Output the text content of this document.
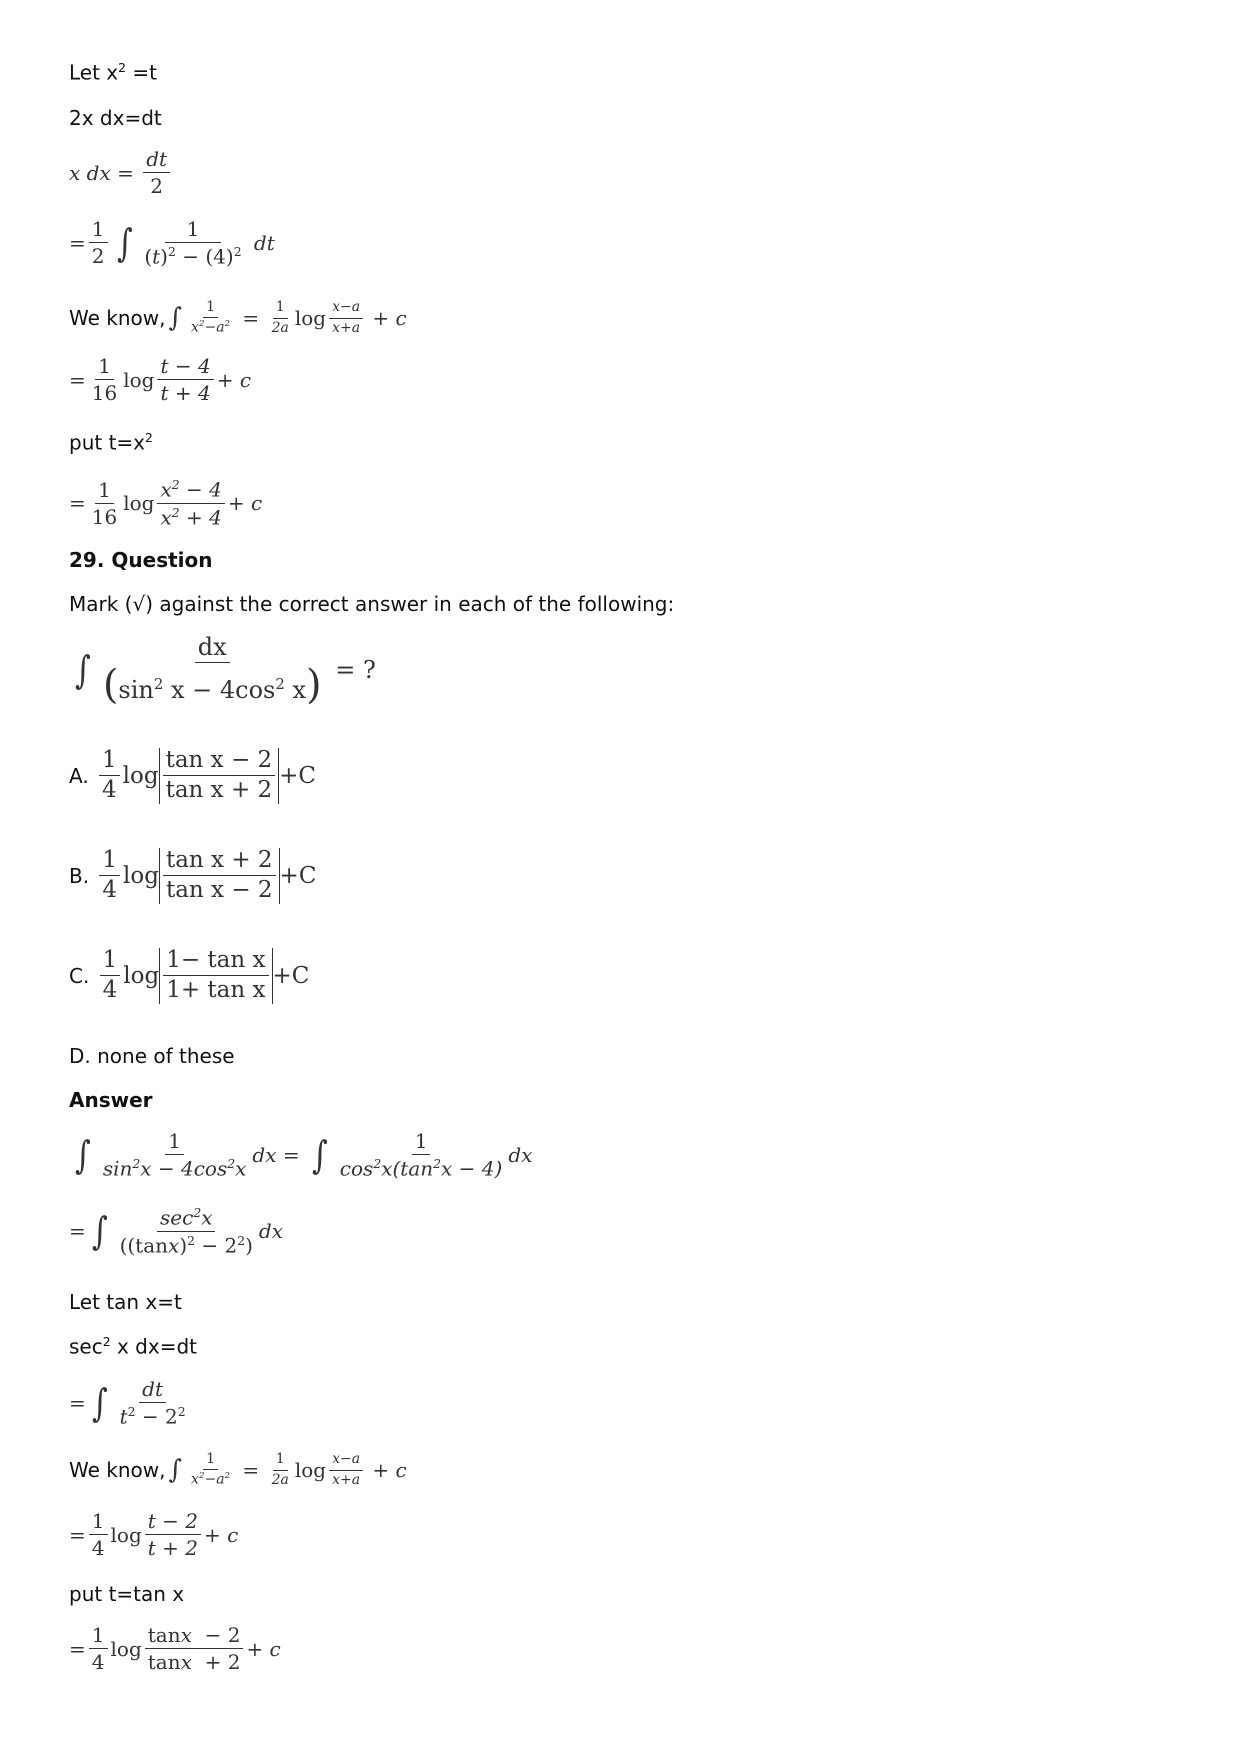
Let $x^2 =t$
2x dx=dt
x dx = $\frac{dt}{2}$
= $\frac{1}{2}$ ∫ $\frac{1}{(t)^2 - (4)^2}$ dt
We know, ∫ $\frac{1}{x^2-a^2} = \frac{1}{2a}$ $\log \frac{x-a}{x+a} + c$
= $\frac{1}{16}$ $\log \frac{t - 4}{t + 4} + c$
put $t=x^2$
= $\frac{1}{16}$ $\log \frac{x^2 - 4}{x^2 + 4} + c$
29. Question
Mark (√) against the correct answer in each of the following:
∫ $\frac{dx}{(\sin^2 x - 4\cos^2 x)}$ = ?
A.
$\frac{1}{4}$ $\log \frac{\text{tan x − 2}}{\text{tan x + 2}} +C$
B.
$\frac{1}{4}$ $\log \frac{\text{tan x + 2}}{\text{tan x − 2}} +C$
C.
$\frac{1}{4}$ $\log \frac{\text{1− tan x}}{\text{1+ tan x}} +C$
D. none of these
Answer
∫ $\frac{1}{\sin^2x - 4\cos^2x}$ dx = ∫ $\frac{1}{\cos^2x(\tan^2x - 4)}$ dx
= ∫ $\frac{\sec^2x}{((\tan x)^2 - 2^2)}$ dx
Let tan x=t
$\sec^2 x$ dx=dt
= ∫ $\frac{dt}{t^2 - 2^2}$
We know, ∫ $\frac{1}{x^2-a^2} = \frac{1}{2a}$ $\log \frac{x-a}{x+a} + c$
= $\frac{1}{4}$ $\log \frac{t - 2}{t + 2} + c$
put t=tan x
= $\frac{1}{4}$ $\log \frac{\tan x - 2}{\tan x + 2} + c$
